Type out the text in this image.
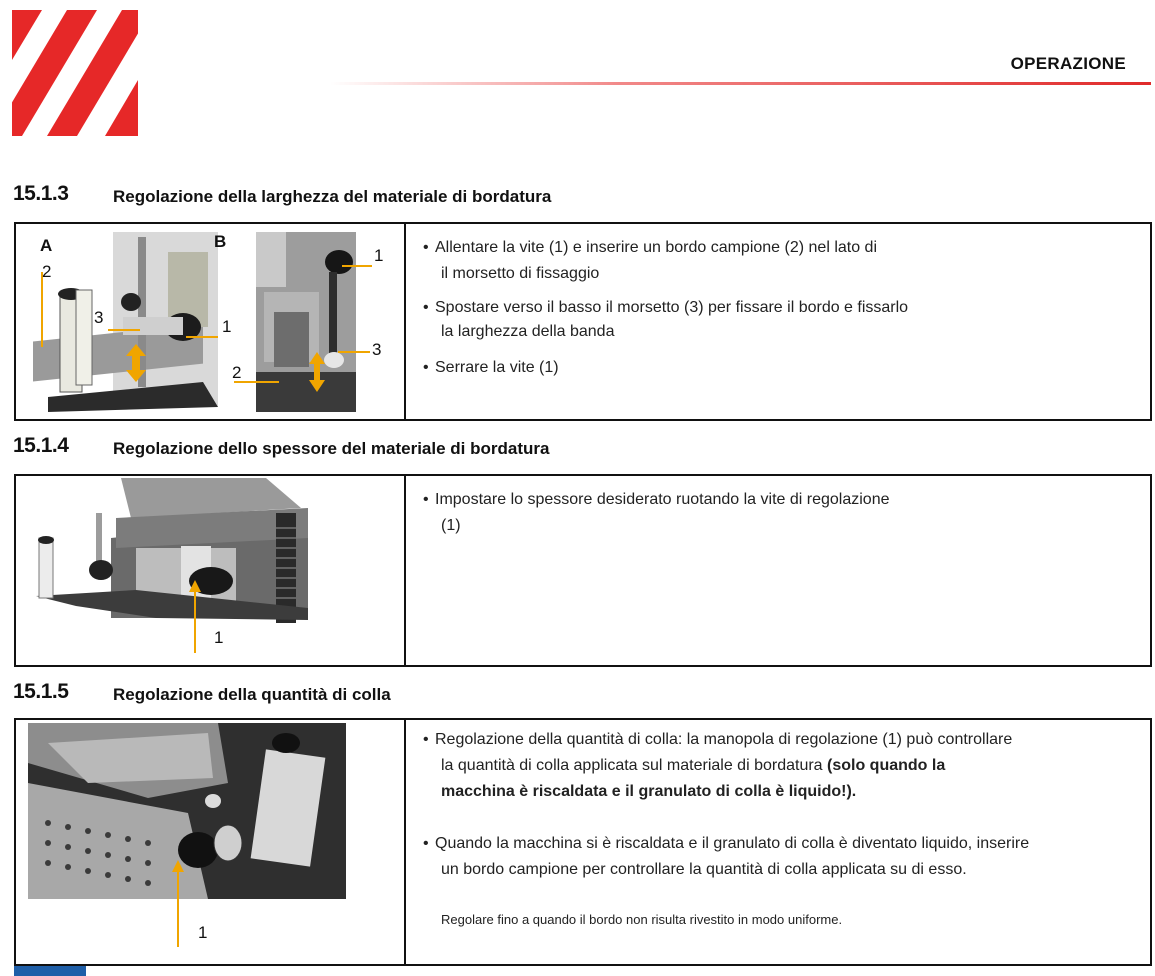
OPERAZIONE
15.1.3	Regolazione della larghezza del materiale di bordatura
A
2
3	1
B
1
3
2
• Allentare la vite (1) e inserire un bordo campione (2) nel lato di
il morsetto di fissaggio
• Spostare verso il basso il morsetto (3) per fissare il bordo e fissarlo
la larghezza della banda
• Serrare la vite (1)
15.1.4	Regolazione dello spessore del materiale di bordatura
1
• Impostare lo spessore desiderato ruotando la vite di regolazione
(1)
15.1.5	Regolazione della quantità di colla
1
• Regolazione della quantità di colla: la manopola di regolazione (1) può controllare
la quantità di colla applicata sul materiale di bordatura (solo quando la
macchina è riscaldata e il granulato di colla è liquido!).
• Quando la macchina si è riscaldata e il granulato di colla è diventato liquido, inserire
un bordo campione per controllare la quantità di colla applicata su di esso.
Regolare fino a quando il bordo non risulta rivestito in modo uniforme.
